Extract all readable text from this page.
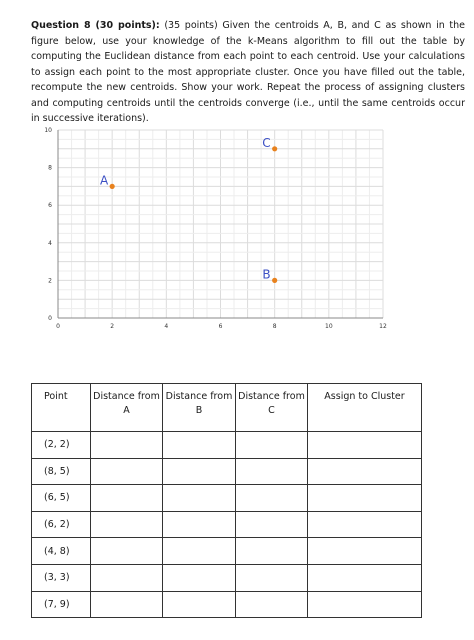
Question 8 (30 points): (35 points) Given the centroids A, B, and C as shown in the figure below, use your knowledge of the k-Means algorithm to fill out the table by computing the Euclidean distance from each point to each centroid. Use your calculations to assign each point to the most appropriate cluster. Once you have filled out the table, recompute the new centroids. Show your work. Repeat the process of assigning clusters and computing centroids until the centroids converge (i.e., until the same centroids occur in successive iterations).
0	2	4	6	8	10	12
0
2
4
6
8
10
A
B
C
Point	Distance from A	Distance from B	Distance from C	Assign to Cluster
(2, 2)				
(8, 5)				
(6, 5)				
(6, 2)				
(4, 8)				
(3, 3)				
(7, 9)				
